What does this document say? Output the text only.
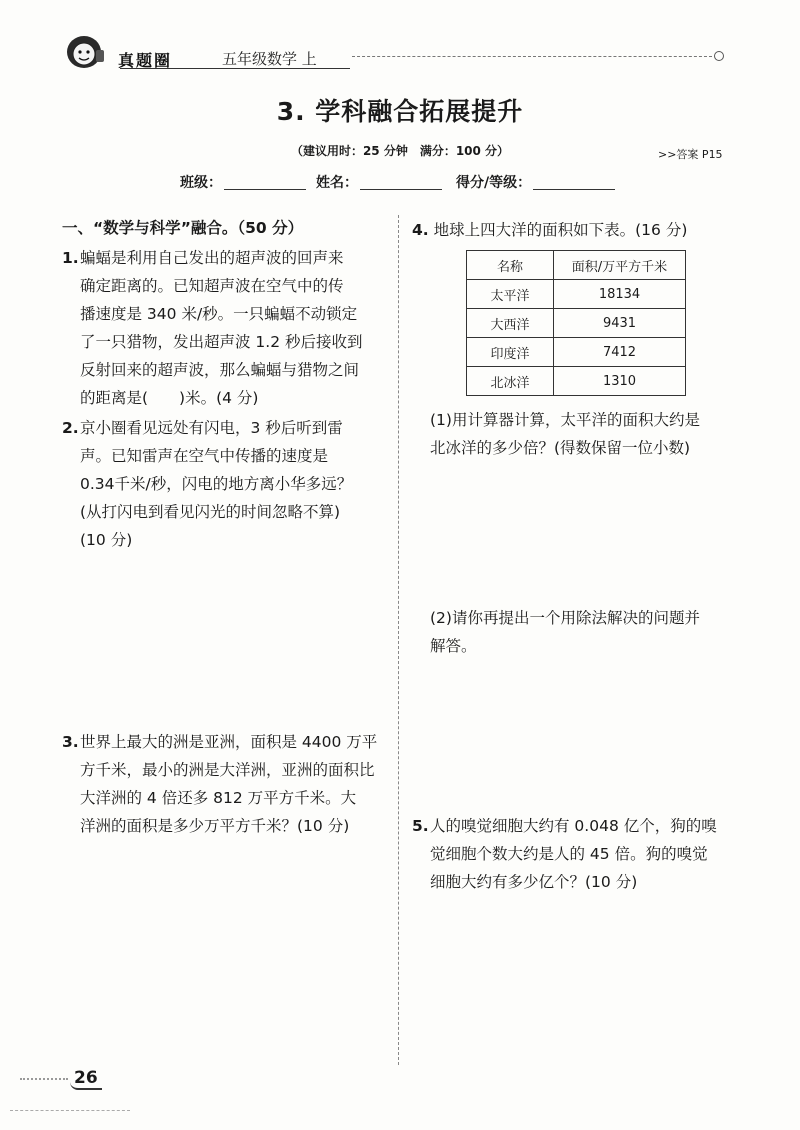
真题圈	五年级数学 上
3. 学科融合拓展提升
（建议用时：25 分钟　满分：100 分）	>>答案 P15
班级：	姓名：	得分/等级：
一、“数学与科学”融合。（50 分）
1. 蝙蝠是利用自己发出的超声波的回声来
确定距离的。已知超声波在空气中的传
播速度是 340 米/秒。一只蝙蝠不动锁定
了一只猎物，发出超声波 1.2 秒后接收到
反射回来的超声波，那么蝙蝠与猎物之间
的距离是(　　)米。(4 分)
2. 京小圈看见远处有闪电，3 秒后听到雷
声。已知雷声在空气中传播的速度是
0.34千米/秒，闪电的地方离小华多远？
(从打闪电到看见闪光的时间忽略不算)
(10 分)
3. 世界上最大的洲是亚洲，面积是 4400 万平
方千米，最小的洲是大洋洲，亚洲的面积比
大洋洲的 4 倍还多 812 万平方千米。大
洋洲的面积是多少万平方千米？(10 分)
4. 地球上四大洋的面积如下表。(16 分)
名称	面积/万平方千米
太平洋	18134
大西洋	9431
印度洋	7412
北冰洋	1310
(1)用计算器计算，太平洋的面积大约是
北冰洋的多少倍？(得数保留一位小数)
(2)请你再提出一个用除法解决的问题并
解答。
5. 人的嗅觉细胞大约有 0.048 亿个，狗的嗅
觉细胞个数大约是人的 45 倍。狗的嗅觉
细胞大约有多少亿个？(10 分)
26
